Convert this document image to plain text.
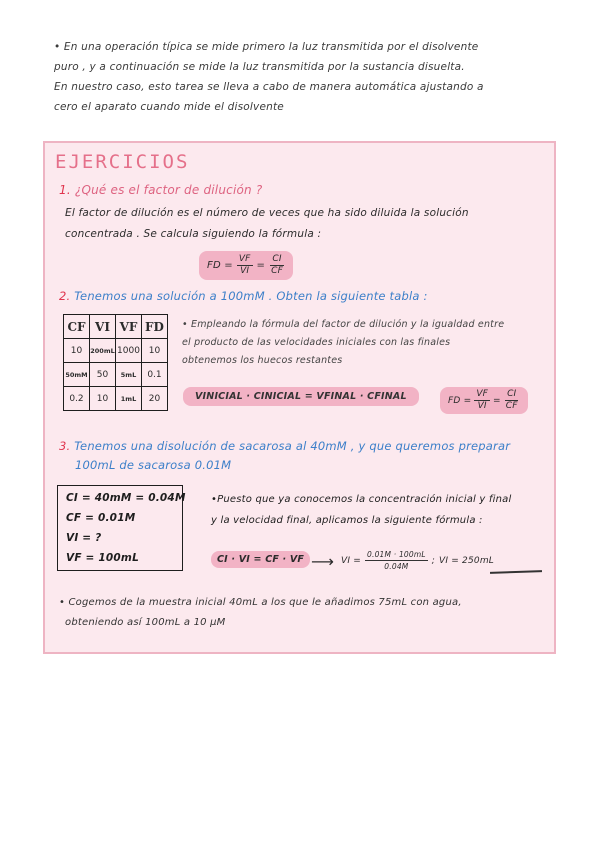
• En una operación típica se mide primero la luz transmitida por el disolvente

puro , y a continuación se mide la luz transmitida por la sustancia disuelta.

En nuestro caso, esto tarea se lleva a cabo de manera automática ajustando a

cero el aparato cuando mide el disolvente

EJERCICIOS
1. ¿Qué es el factor de dilución ?

El factor de dilución es el número de veces que ha sido diluida la solución

concentrada . Se calcula siguiendo la fórmula :

FD = $\frac{VF}{VI} = \frac{CI}{CF}$
2. Tenemos una solución a 100mM . Obten la siguiente tabla :
CF	VI	VF	FD
10	200mL	1000	10
50mM	50	5mL	0.1
0.2	10	1mL	20

• Empleando la fórmula del factor de dilución y la igualdad entre

el producto de las velocidades iniciales con las finales

obtenemos los huecos restantes

VINICIAL · CINICIAL = VFINAL · CFINAL	FD = $\frac{VF}{VI} = \frac{CI}{CF}$

3. Tenemos una disolución de sacarosa al 40mM , y que queremos preparar

100mL de sacarosa 0.01M

CI = 40mM = 0.04M

CF = 0.01M

VI = ?

VF = 100mL

•Puesto que ya conocemos la concentración inicial y final

y la velocidad final, aplicamos la siguiente fórmula :

CI · VI = CF · VF ⟶ VI = $\frac{0.01M \cdot 100mL}{0.04M}$ ; VI = 250mL

• Cogemos de la muestra inicial 40mL a los que le añadimos 75mL con agua,

obteniendo así 100mL a 10 μM
